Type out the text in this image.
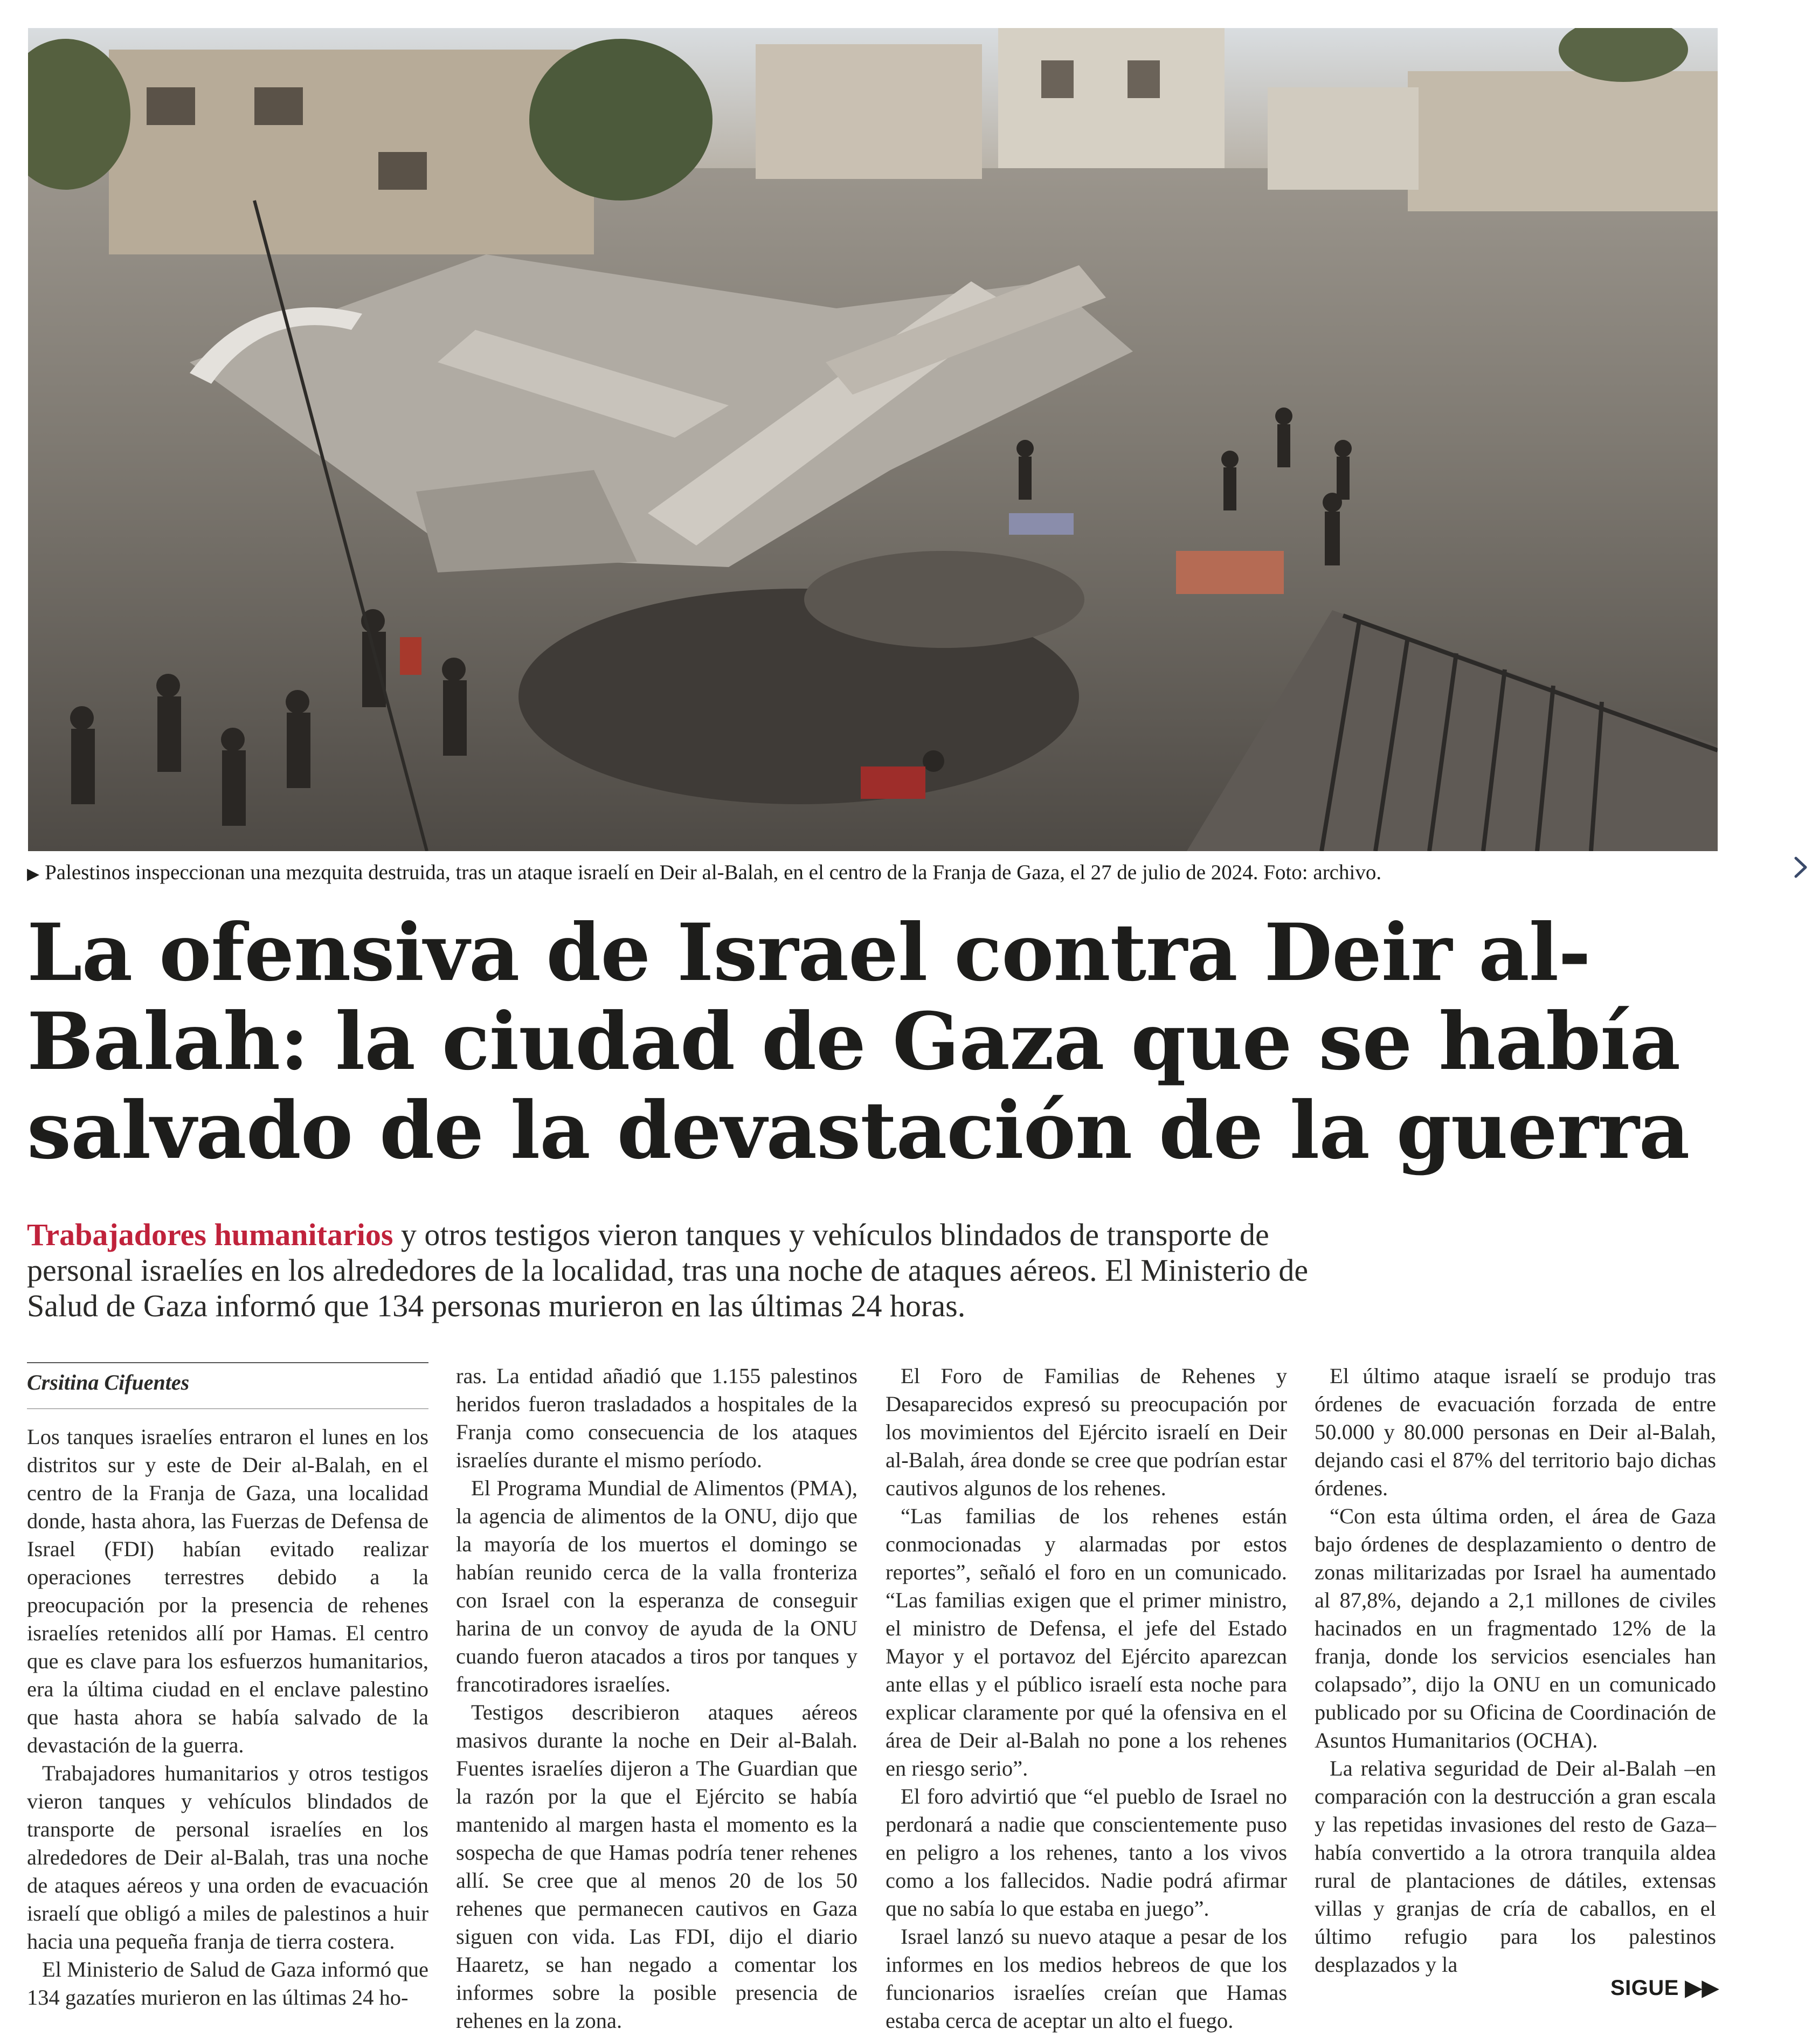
▶ Palestinos inspeccionan una mezquita destruida, tras un ataque israelí en Deir al-Balah, en el centro de la Franja de Gaza, el 27 de julio de 2024. Foto: archivo.
La ofensiva de Israel contra Deir al-Balah: la ciudad de Gaza que se había salvado de la devastación de la guerra

Trabajadores humanitarios y otros testigos vieron tanques y vehículos blindados de transporte de personal israelíes en los alrededores de la localidad, tras una noche de ataques aéreos. El Ministerio de Salud de Gaza informó que 134 personas murieron en las últimas 24 horas.

Crsitina Cifuentes

Los tanques israelíes entraron el lunes en los distritos sur y este de Deir al-Balah, en el centro de la Franja de Gaza, una localidad donde, hasta ahora, las Fuerzas de Defensa de Israel (FDI) habían evitado realizar operaciones terrestres debido a la preocupación por la presencia de rehenes israelíes retenidos allí por Hamas. El centro que es clave para los esfuerzos humanitarios, era la última ciudad en el enclave palestino que hasta ahora se había salvado de la devastación de la guerra.

Trabajadores humanitarios y otros testigos vieron tanques y vehículos blindados de transporte de personal israelíes en los alrededores de Deir al-Balah, tras una noche de ataques aéreos y una orden de evacuación israelí que obligó a miles de palestinos a huir hacia una pequeña franja de tierra costera.

El Ministerio de Salud de Gaza informó que 134 gazatíes murieron en las últimas 24 ho-

ras. La entidad añadió que 1.155 palestinos heridos fueron trasladados a hospitales de la Franja como consecuencia de los ataques israelíes durante el mismo período.

El Programa Mundial de Alimentos (PMA), la agencia de alimentos de la ONU, dijo que la mayoría de los muertos el domingo se habían reunido cerca de la valla fronteriza con Israel con la esperanza de conseguir harina de un convoy de ayuda de la ONU cuando fueron atacados a tiros por tanques y francotiradores israelíes.

Testigos describieron ataques aéreos masivos durante la noche en Deir al-Balah. Fuentes israelíes dijeron a The Guardian que la razón por la que el Ejército se había mantenido al margen hasta el momento es la sospecha de que Hamas podría tener rehenes allí. Se cree que al menos 20 de los 50 rehenes que permanecen cautivos en Gaza siguen con vida. Las FDI, dijo el diario Haaretz, se han negado a comentar los informes sobre la posible presencia de rehenes en la zona.

El Foro de Familias de Rehenes y Desaparecidos expresó su preocupación por los movimientos del Ejército israelí en Deir al-Balah, área donde se cree que podrían estar cautivos algunos de los rehenes.

“Las familias de los rehenes están conmocionadas y alarmadas por estos reportes”, señaló el foro en un comunicado. “Las familias exigen que el primer ministro, el ministro de Defensa, el jefe del Estado Mayor y el portavoz del Ejército aparezcan ante ellas y el público israelí esta noche para explicar claramente por qué la ofensiva en el área de Deir al-Balah no pone a los rehenes en riesgo serio”.

El foro advirtió que “el pueblo de Israel no perdonará a nadie que conscientemente puso en peligro a los rehenes, tanto a los vivos como a los fallecidos. Nadie podrá afirmar que no sabía lo que estaba en juego”.

Israel lanzó su nuevo ataque a pesar de los informes en los medios hebreos de que los funcionarios israelíes creían que Hamas estaba cerca de aceptar un alto el fuego.

El último ataque israelí se produjo tras órdenes de evacuación forzada de entre 50.000 y 80.000 personas en Deir al-Balah, dejando casi el 87% del territorio bajo dichas órdenes.

“Con esta última orden, el área de Gaza bajo órdenes de desplazamiento o dentro de zonas militarizadas por Israel ha aumentado al 87,8%, dejando a 2,1 millones de civiles hacinados en un fragmentado 12% de la franja, donde los servicios esenciales han colapsado”, dijo la ONU en un comunicado publicado por su Oficina de Coordinación de Asuntos Humanitarios (OCHA).

La relativa seguridad de Deir al-Balah –en comparación con la destrucción a gran escala y las repetidas invasiones del resto de Gaza– había convertido a la otrora tranquila aldea rural de plantaciones de dátiles, extensas villas y granjas de cría de caballos, en el último refugio para los palestinos desplazados y la

SIGUE ▶▶
